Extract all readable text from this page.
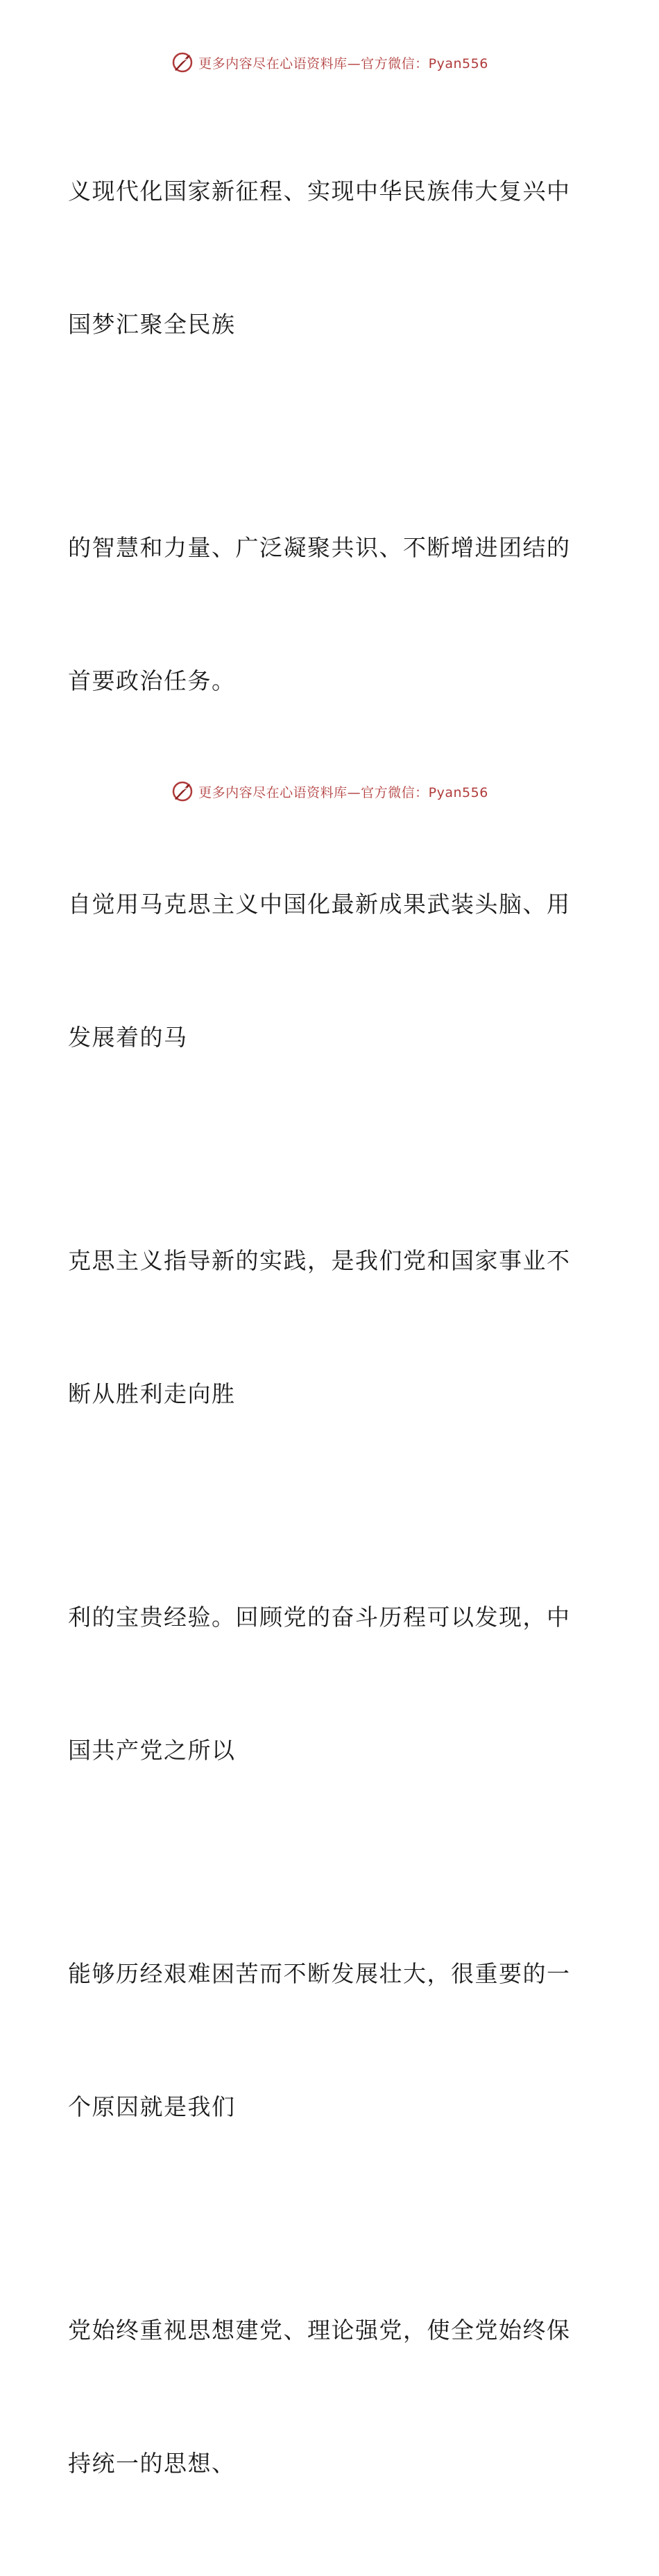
更多内容尽在心语资料库—官方微信：Pyan556

义现代化国家新征程、实现中华民族伟大复兴中

国梦汇聚全民族

的智慧和力量、广泛凝聚共识、不断增进团结的

首要政治任务。

自觉用马克思主义中国化最新成果武装头脑、用

发展着的马

克思主义指导新的实践，是我们党和国家事业不

断从胜利走向胜

利的宝贵经验。回顾党的奋斗历程可以发现，中

国共产党之所以

能够历经艰难困苦而不断发展壮大，很重要的一

个原因就是我们

党始终重视思想建党、理论强党，使全党始终保

持统一的思想、

更多内容尽在心语资料库—官方微信：Pyan556
